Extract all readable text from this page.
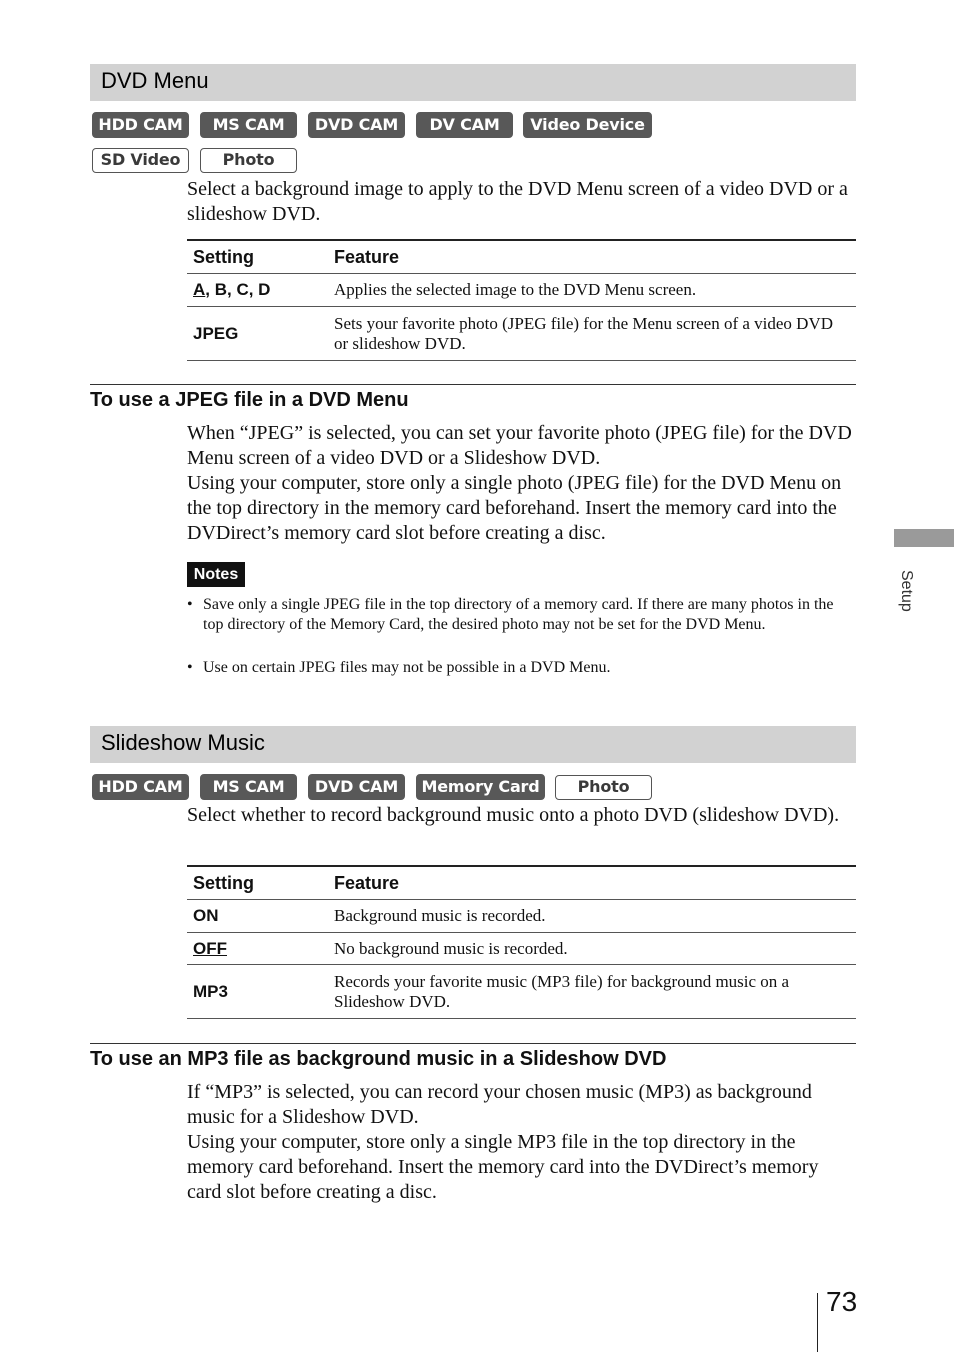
DVD Menu
HDD CAM	MS CAM	DVD CAM	DV CAM	Video Device
SD Video	Photo
Select a background image to apply to the DVD Menu screen of a video DVD or a slideshow DVD.
Setting	Feature
A, B, C, D	Applies the selected image to the DVD Menu screen.
JPEG	Sets your favorite photo (JPEG file) for the Menu screen of a video DVD or slideshow DVD.
To use a JPEG file in a DVD Menu
When “JPEG” is selected, you can set your favorite photo (JPEG file) for the DVD Menu screen of a video DVD or a Slideshow DVD.
Using your computer, store only a single photo (JPEG file) for the DVD Menu on the top directory in the memory card beforehand. Insert the memory card into the DVDirect’s memory card slot before creating a disc.
Notes
• Save only a single JPEG file in the top directory of a memory card. If there are many photos in the top directory of the Memory Card, the desired photo may not be set for the DVD Menu.
• Use on certain JPEG files may not be possible in a DVD Menu.
Slideshow Music
HDD CAM	MS CAM	DVD CAM	Memory Card	Photo
Select whether to record background music onto a photo DVD (slideshow DVD).
Setting	Feature
ON	Background music is recorded.
OFF	No background music is recorded.
MP3	Records your favorite music (MP3 file) for background music on a Slideshow DVD.
To use an MP3 file as background music in a Slideshow DVD
If “MP3” is selected, you can record your chosen music (MP3) as background music for a Slideshow DVD.
Using your computer, store only a single MP3 file in the top directory in the memory card beforehand. Insert the memory card into the DVDirect’s memory card slot before creating a disc.
Setup
73
